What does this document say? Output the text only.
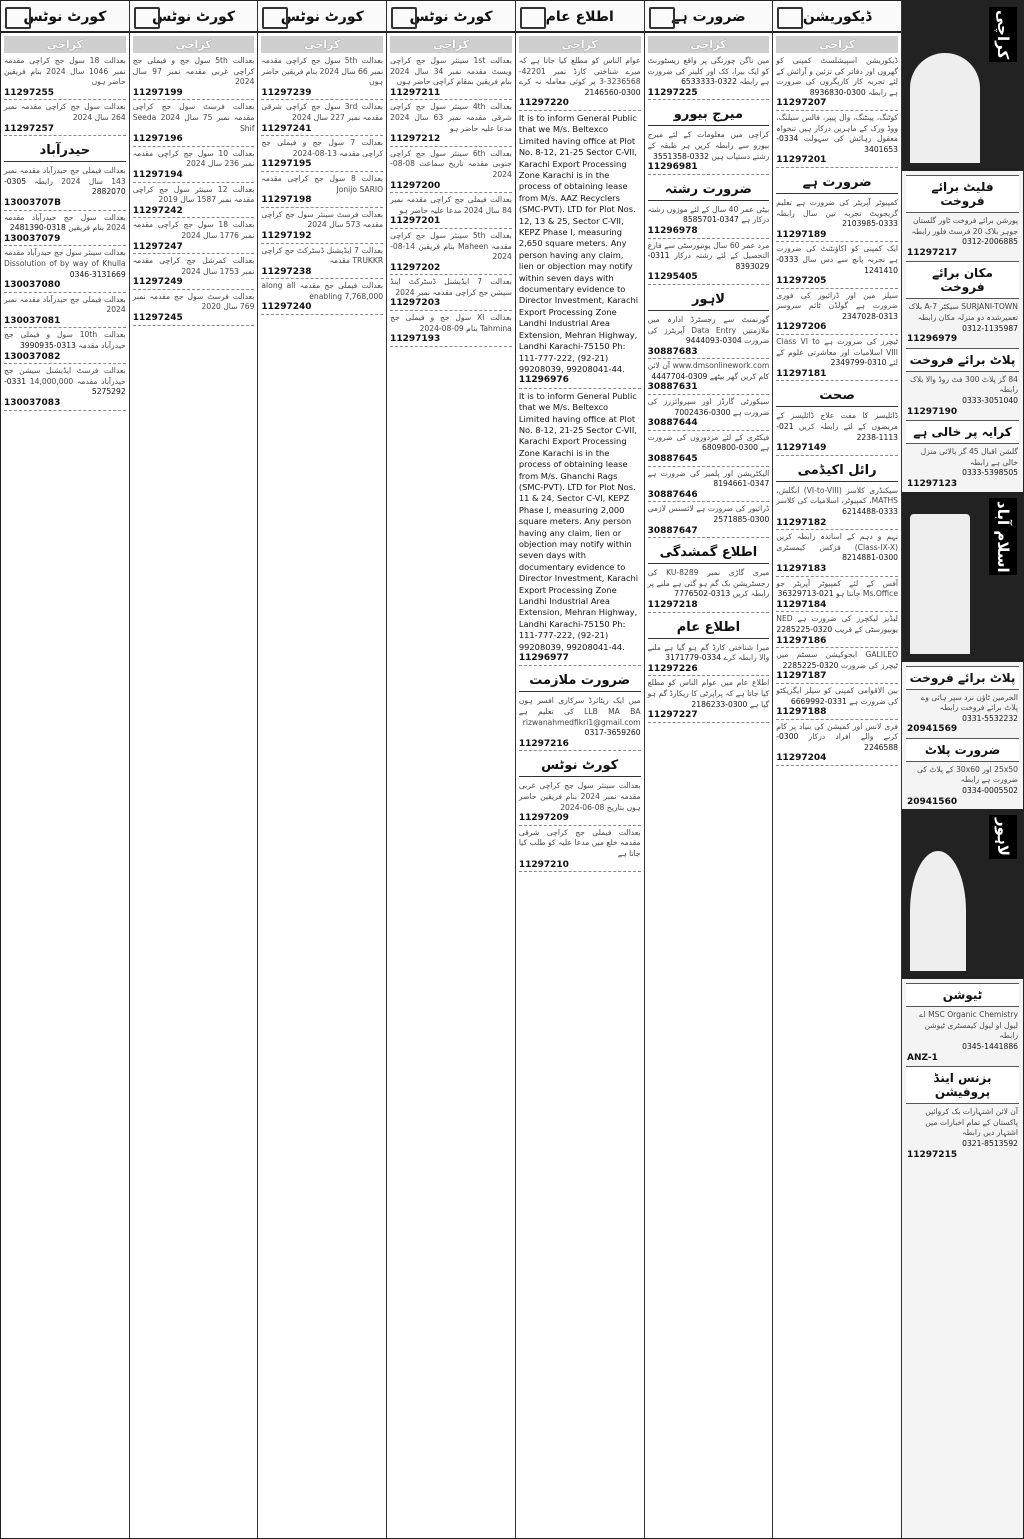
کراچی
فلیٹ برائے فروخت
پورشن برائے فروخت ٹاور گلستان جوہر بلاک 20 فرسٹ فلور رابطہ
0312-2006885
11297217
مکان برائے فروخت
SURJANI-TOWN سیکٹر A-7 بلاک تعمیرشدہ دو منزلہ مکان رابطہ
0312-1135987
11296979
پلاٹ برائے فروخت
84 گز پلاٹ 300 فٹ روڈ والا بلاک رابطہ
0333-3051040
11297190
کرایہ پر خالی ہے
گلشن اقبال 45 گز بالائی منزل خالی ہے رابطہ
0333-5398505
11297123
اسلام آباد
پلاٹ برائے فروخت
الحرمین ٹاؤن نزد سپر ہائی وے پلاٹ برائے فروخت رابطہ
0331-5532232
20941569
ضرورت پلاٹ
25x50 اور 30x60 کے پلاٹ کی ضرورت ہے رابطہ
0334-0005502
20941560
لاہور
ٹیوشن
MSC Organic Chemistry اے لیول او لیول کیمسٹری ٹیوشن رابطہ
0345-1441886
ANZ-1
بزنس اینڈ پروفیشن
آن لائن اشتہارات بک کروائیں پاکستان کے تمام اخبارات میں اشتہار دیں رابطہ
0321-8513592
11297215
ڈیکوریشن
کراچی
ڈیکوریشن اسپیشلسٹ کمپنی کو گھروں اور دفاتر کی تزئین و آرائش کے لئے تجربہ کار کاریگروں کی ضرورت ہے رابطہ 0300-8936830
11297207
کوٹنگ، پینٹنگ، وال پیپر، فالس سیلنگ، ووڈ ورک کے ماہرین درکار ہیں تنخواہ معقول رہائش کی سہولت 0334-3401653
11297201
ضرورت ہے
کمپیوٹر آپریٹر کی ضرورت ہے تعلیم گریجویٹ تجربہ تین سال رابطہ 0333-2103985
11297189
ایک کمپنی کو اکاؤنٹنٹ کی ضرورت ہے تجربہ پانچ سے دس سال 0333-1241410
11297205
سیلز مین اور ڈرائیور کی فوری ضرورت ہے گولڈن ٹائم سروسز 0313-2347028
11297206
ٹیچرز کی ضرورت ہے Class VI to VIII اسلامیات اور معاشرتی علوم کے لئے 0310-2349799
11297181
صحت
ڈائلیسز کا مفت علاج ڈائلیسز کے مریضوں کے لئے رابطہ کریں 021-1113-2238
11297149
رائل اکیڈمی
سیکنڈری کلاسز (VI-to-VIII) انگلش، MATHS، کمپیوٹر، اسلامیات کی کلاسز 0333-6214488
11297182
نہم و دہم کے اساتذہ رابطہ کریں (Class-IX-X) فزکس کیمسٹری 0300-8214881
11297183
آفس کے لئے کمپیوٹر آپریٹر جو Ms.Office جانتا ہو 021-36329713
11297184
لیڈیز لیکچرر کی ضرورت ہے NED یونیورسٹی کے قریب 0320-2285225
11297186
GALILEO ایجوکیشن سسٹم میں ٹیچرز کی ضرورت 0320-2285225
11297187
بین الاقوامی کمپنی کو سیلز ایگزیکٹو کی ضرورت ہے 0331-6669992
11297188
فری لانس اور کمیشن کی بنیاد پر کام کرنے والے افراد درکار 0300-2246588
11297204
ضرورت ہے
کراچی
مین ناگن چورنگی پر واقع ریسٹورنٹ کو ایک بیرا، کک اور کلینر کی ضرورت ہے رابطہ 0322-6533333
11297225
میرج بیورو
کراچی میں معلومات کے لئے میرج بیورو سے رابطہ کریں ہر طبقہ کے رشتے دستیاب ہیں 0332-3551358
11296981
ضرورت رشتہ
بیٹی عمر 40 سال کے لئے موزوں رشتہ درکار ہے 0347-8585701
11296978
مرد عمر 60 سال یونیورسٹی سے فارغ التحصیل کے لئے رشتہ درکار 0311-8393029
11295405
لاہور
گورنمنٹ سے رجسٹرڈ ادارہ میں ملازمتیں Data Entry آپریٹرز کی ضرورت 0304-9444093
30887683
www.dmsonlinework.com آن لائن کام کریں گھر بیٹھے 0309-4447704
30887631
سیکورٹی گارڈز اور سپروائزرز کی ضرورت ہے 0300-7002436
30887644
فیکٹری کے لئے مزدوروں کی ضرورت ہے 0300-6809800
30887645
الیکٹریشن اور پلمبر کی ضرورت ہے 0347-8194661
30887646
ڈرائیور کی ضرورت ہے لائسنس لازمی 0300-2571885
30887647
اطلاع گمشدگی
میری گاڑی نمبر KU-8289 کی رجسٹریشن بک گم ہو گئی ہے ملنے پر رابطہ کریں 0313-7776502
11297218
اطلاع عام
میرا شناختی کارڈ گم ہو گیا ہے ملنے والا رابطہ کرے 0334-3171779
11297226
اطلاع عام میں عوام الناس کو مطلع کیا جاتا ہے کہ پراپرٹی کا ریکارڈ گم ہو گیا ہے 0300-2186233
11297227
اطلاع عام
کراچی
عوام الناس کو مطلع کیا جاتا ہے کہ میرے شناختی کارڈ نمبر 42201-3236568-3 پر کوئی معاملہ نہ کرے 0300-2146560
11297220
It is to inform General Public that we M/s. Beltexco Limited having office at Plot No. 8-12, 21-25 Sector C-VII, Karachi Export Processing Zone Karachi is in the process of obtaining lease from M/s. AAZ Recyclers (SMC-PVT). LTD for Plot Nos. 12, 13 & 25, Sector C-VII, KEPZ Phase I, measuring 2,650 square meters. Any person having any claim, lien or objection may notify within seven days with documentary evidence to Director Investment, Karachi Export Processing Zone Landhi Industrial Area Extension, Mehran Highway, Landhi Karachi-75150 Ph: 111-777-222, (92-21) 99208039, 99208041-44.
11296976
It is to inform General Public that we M/s. Beltexco Limited having office at Plot No. 8-12, 21-25 Sector C-VII, Karachi Export Processing Zone Karachi is in the process of obtaining lease from M/s. Ghanchi Rags (SMC-PVT). LTD for Plot Nos. 11 & 24, Sector C-VI, KEPZ Phase I, measuring 2,000 square meters. Any person having any claim, lien or objection may notify within seven days with documentary evidence to Director Investment, Karachi Export Processing Zone Landhi Industrial Area Extension, Mehran Highway, Landhi Karachi-75150 Ph: 111-777-222, (92-21) 99208039, 99208041-44.
11296977
ضرورت ملازمت
میں ایک ریٹائرڈ سرکاری افسر ہوں LLB MA BA کی تعلیم ہے rizwanahmedfikri1@gmail.com 0317-3659260
11297216
کورٹ نوٹس
بعدالت سینئر سول جج کراچی غربی مقدمہ نمبر 2024 بنام فریقین حاضر ہوں بتاریخ 08-06-2024
11297209
بعدالت فیملی جج کراچی شرقی مقدمہ خلع میں مدعا علیہ کو طلب کیا جاتا ہے
11297210
کورٹ نوٹس
کراچی
بعدالت 1st سینئر سول جج کراچی ویسٹ مقدمہ نمبر 34 سال 2024 بنام فریقین بمقام کراچی حاضر ہوں
11297211
بعدالت 4th سینئر سول جج کراچی شرقی مقدمہ نمبر 63 سال 2024 مدعا علیہ حاضر ہو
11297212
بعدالت 6th سینئر سول جج کراچی جنوبی مقدمہ تاریخ سماعت 08-08-2024
11297200
بعدالت فیملی جج کراچی مقدمہ نمبر 84 سال 2024 مدعا علیہ حاضر ہو
11297201
بعدالت 5th سینئر سول جج کراچی مقدمہ Maheen بنام فریقین 14-08-2024
11297202
بعدالت 7 ایڈیشنل ڈسٹرکٹ اینڈ سیشن جج کراچی مقدمہ نمبر 2024
11297203
بعدالت XI سول جج و فیملی جج Tahmina بنام 09-08-2024
11297193
کورٹ نوٹس
کراچی
بعدالت 5th سول جج کراچی مقدمہ نمبر 66 سال 2024 بنام فریقین حاضر ہوں
11297239
بعدالت 3rd سول جج کراچی شرقی مقدمہ نمبر 227 سال 2024
11297241
بعدالت 7 سول جج و فیملی جج کراچی مقدمہ 13-08-2024
11297195
بعدالت 8 سول جج کراچی مقدمہ Jonijo SARIO
11297198
بعدالت فرسٹ سینئر سول جج کراچی مقدمہ 573 سال 2024
11297192
بعدالت 7 ایڈیشنل ڈسٹرکٹ جج کراچی TRUKKR مقدمہ
11297238
بعدالت فیملی جج مقدمہ along all enabling 7,768,000
11297240
کورٹ نوٹس
کراچی
بعدالت 5th سول جج و فیملی جج کراچی غربی مقدمہ نمبر 97 سال 2024
11297199
بعدالت فرسٹ سول جج کراچی مقدمہ نمبر 75 سال 2024 Seeda Shif
11297196
بعدالت 10 سول جج کراچی مقدمہ نمبر 236 سال 2024
11297194
بعدالت 12 سینئر سول جج کراچی مقدمہ نمبر 1587 سال 2019
11297242
بعدالت 18 سول جج کراچی مقدمہ نمبر 1776 سال 2024
11297247
بعدالت کمرشل جج کراچی مقدمہ نمبر 1753 سال 2024
11297249
بعدالت فرسٹ سول جج مقدمہ نمبر 769 سال 2020
11297245
کورٹ نوٹس
کراچی
بعدالت 18 سول جج کراچی مقدمہ نمبر 1046 سال 2024 بنام فریقین حاضر ہوں
11297255
بعدالت سول جج کراچی مقدمہ نمبر 264 سال 2024
11297257
حیدرآباد
بعدالت فیملی جج حیدرآباد مقدمہ نمبر 143 سال 2024 رابطہ 0305-2882070
13003707B
بعدالت سول جج حیدرآباد مقدمہ 2024 بنام فریقین 0318-2481390
130037079
بعدالت سینئر سول جج حیدرآباد مقدمہ Dissolution of by way of Khulla 0346-3131669
130037080
بعدالت فیملی جج حیدرآباد مقدمہ نمبر 2024
130037081
بعدالت 10th سول و فیملی جج حیدرآباد مقدمہ 0313-3990935
130037082
بعدالت فرسٹ ایڈیشنل سیشن جج حیدرآباد مقدمہ 14,000,000 0331-5275292
130037083
